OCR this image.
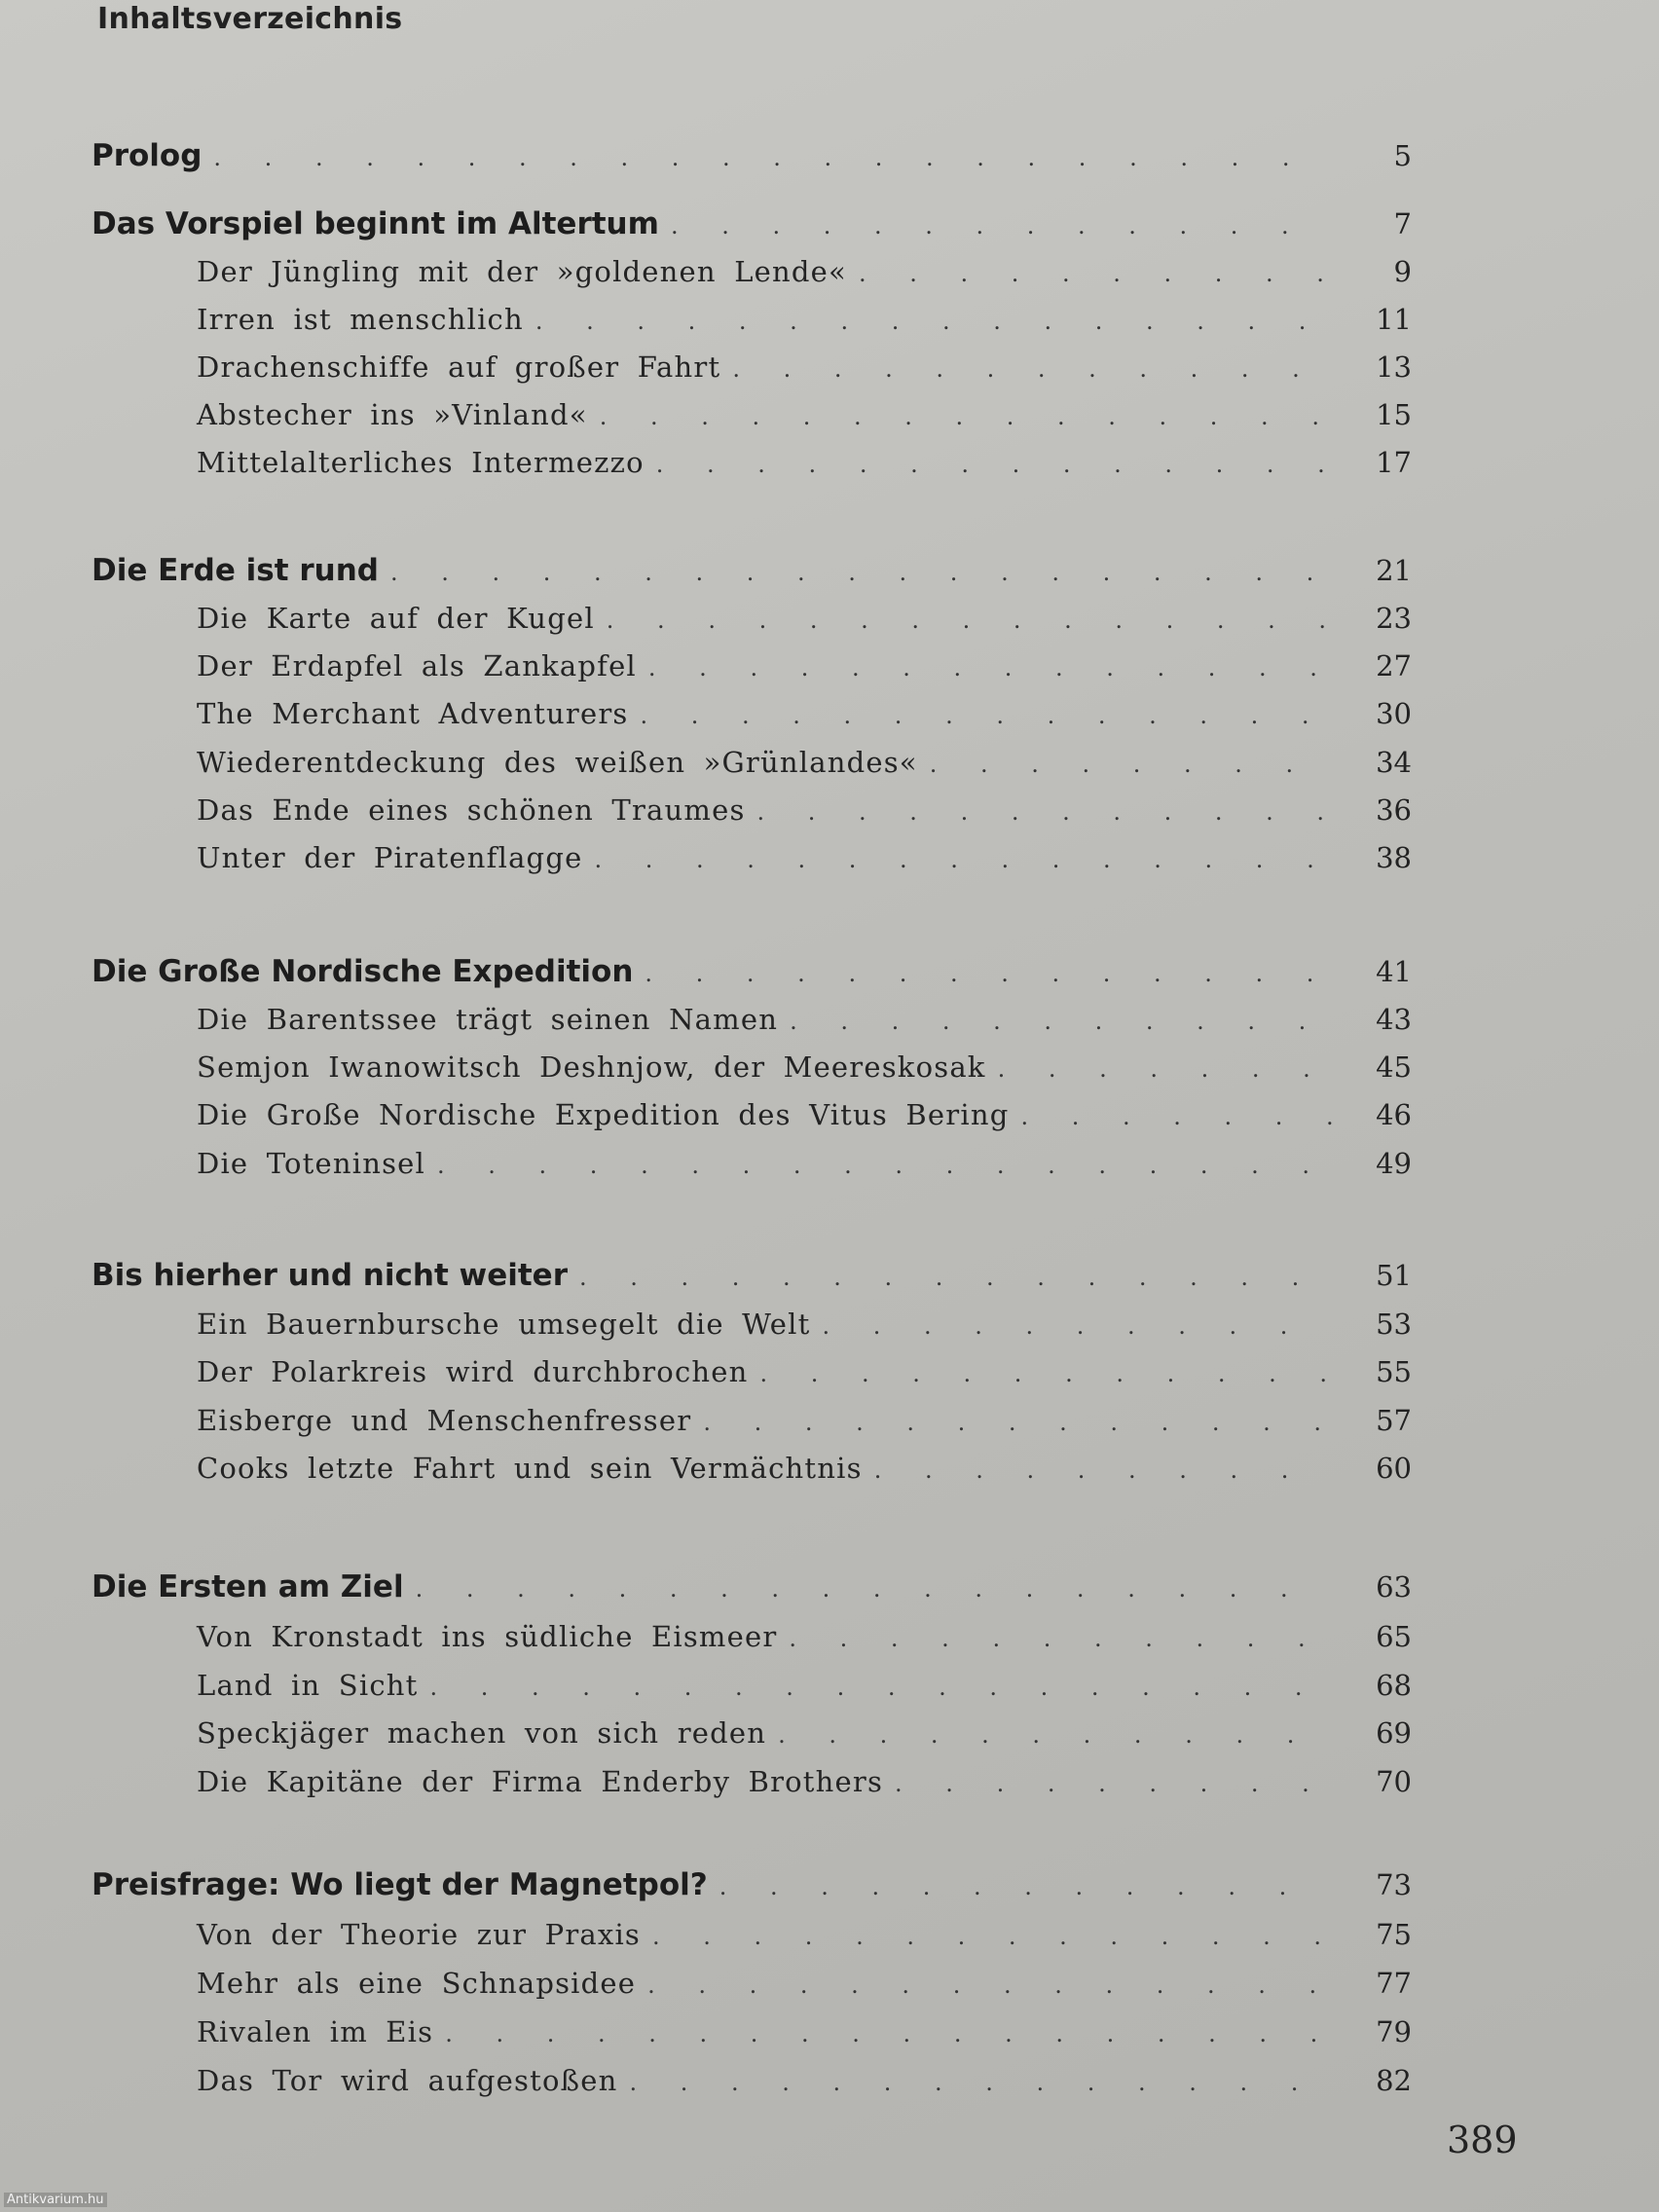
Inhaltsverzeichnis
Prolog . . .	5
Das Vorspiel beginnt im Altertum . . .	7
Der Jüngling mit der »goldenen Lende« . . .	9
Irren ist menschlich . . .	11
Drachenschiffe auf großer Fahrt . . .	13
Abstecher ins »Vinland« . . .	15
Mittelalterliches Intermezzo . . .	17
Die Erde ist rund . . .	21
Die Karte auf der Kugel . . .	23
Der Erdapfel als Zankapfel . . .	27
The Merchant Adventurers . . .	30
Wiederentdeckung des weißen »Grünlandes« . . .	34
Das Ende eines schönen Traumes . . .	36
Unter der Piratenflagge . . .	38
Die Große Nordische Expedition . . .	41
Die Barentssee trägt seinen Namen . . .	43
Semjon Iwanowitsch Deshnjow, der Meereskosak . . .	45
Die Große Nordische Expedition des Vitus Bering . . .	46
Die Toteninsel . . .	49
Bis hierher und nicht weiter . . .	51
Ein Bauernbursche umsegelt die Welt . . .	53
Der Polarkreis wird durchbrochen . . .	55
Eisberge und Menschenfresser . . .	57
Cooks letzte Fahrt und sein Vermächtnis . . .	60
Die Ersten am Ziel . . .	63
Von Kronstadt ins südliche Eismeer . . .	65
Land in Sicht . . .	68
Speckjäger machen von sich reden . . .	69
Die Kapitäne der Firma Enderby Brothers . . .	70
Preisfrage: Wo liegt der Magnetpol? . . .	73
Von der Theorie zur Praxis . . .	75
Mehr als eine Schnapsidee . . .	77
Rivalen im Eis . . .	79
Das Tor wird aufgestoßen . . .	82
389
Antikvarium.hu
